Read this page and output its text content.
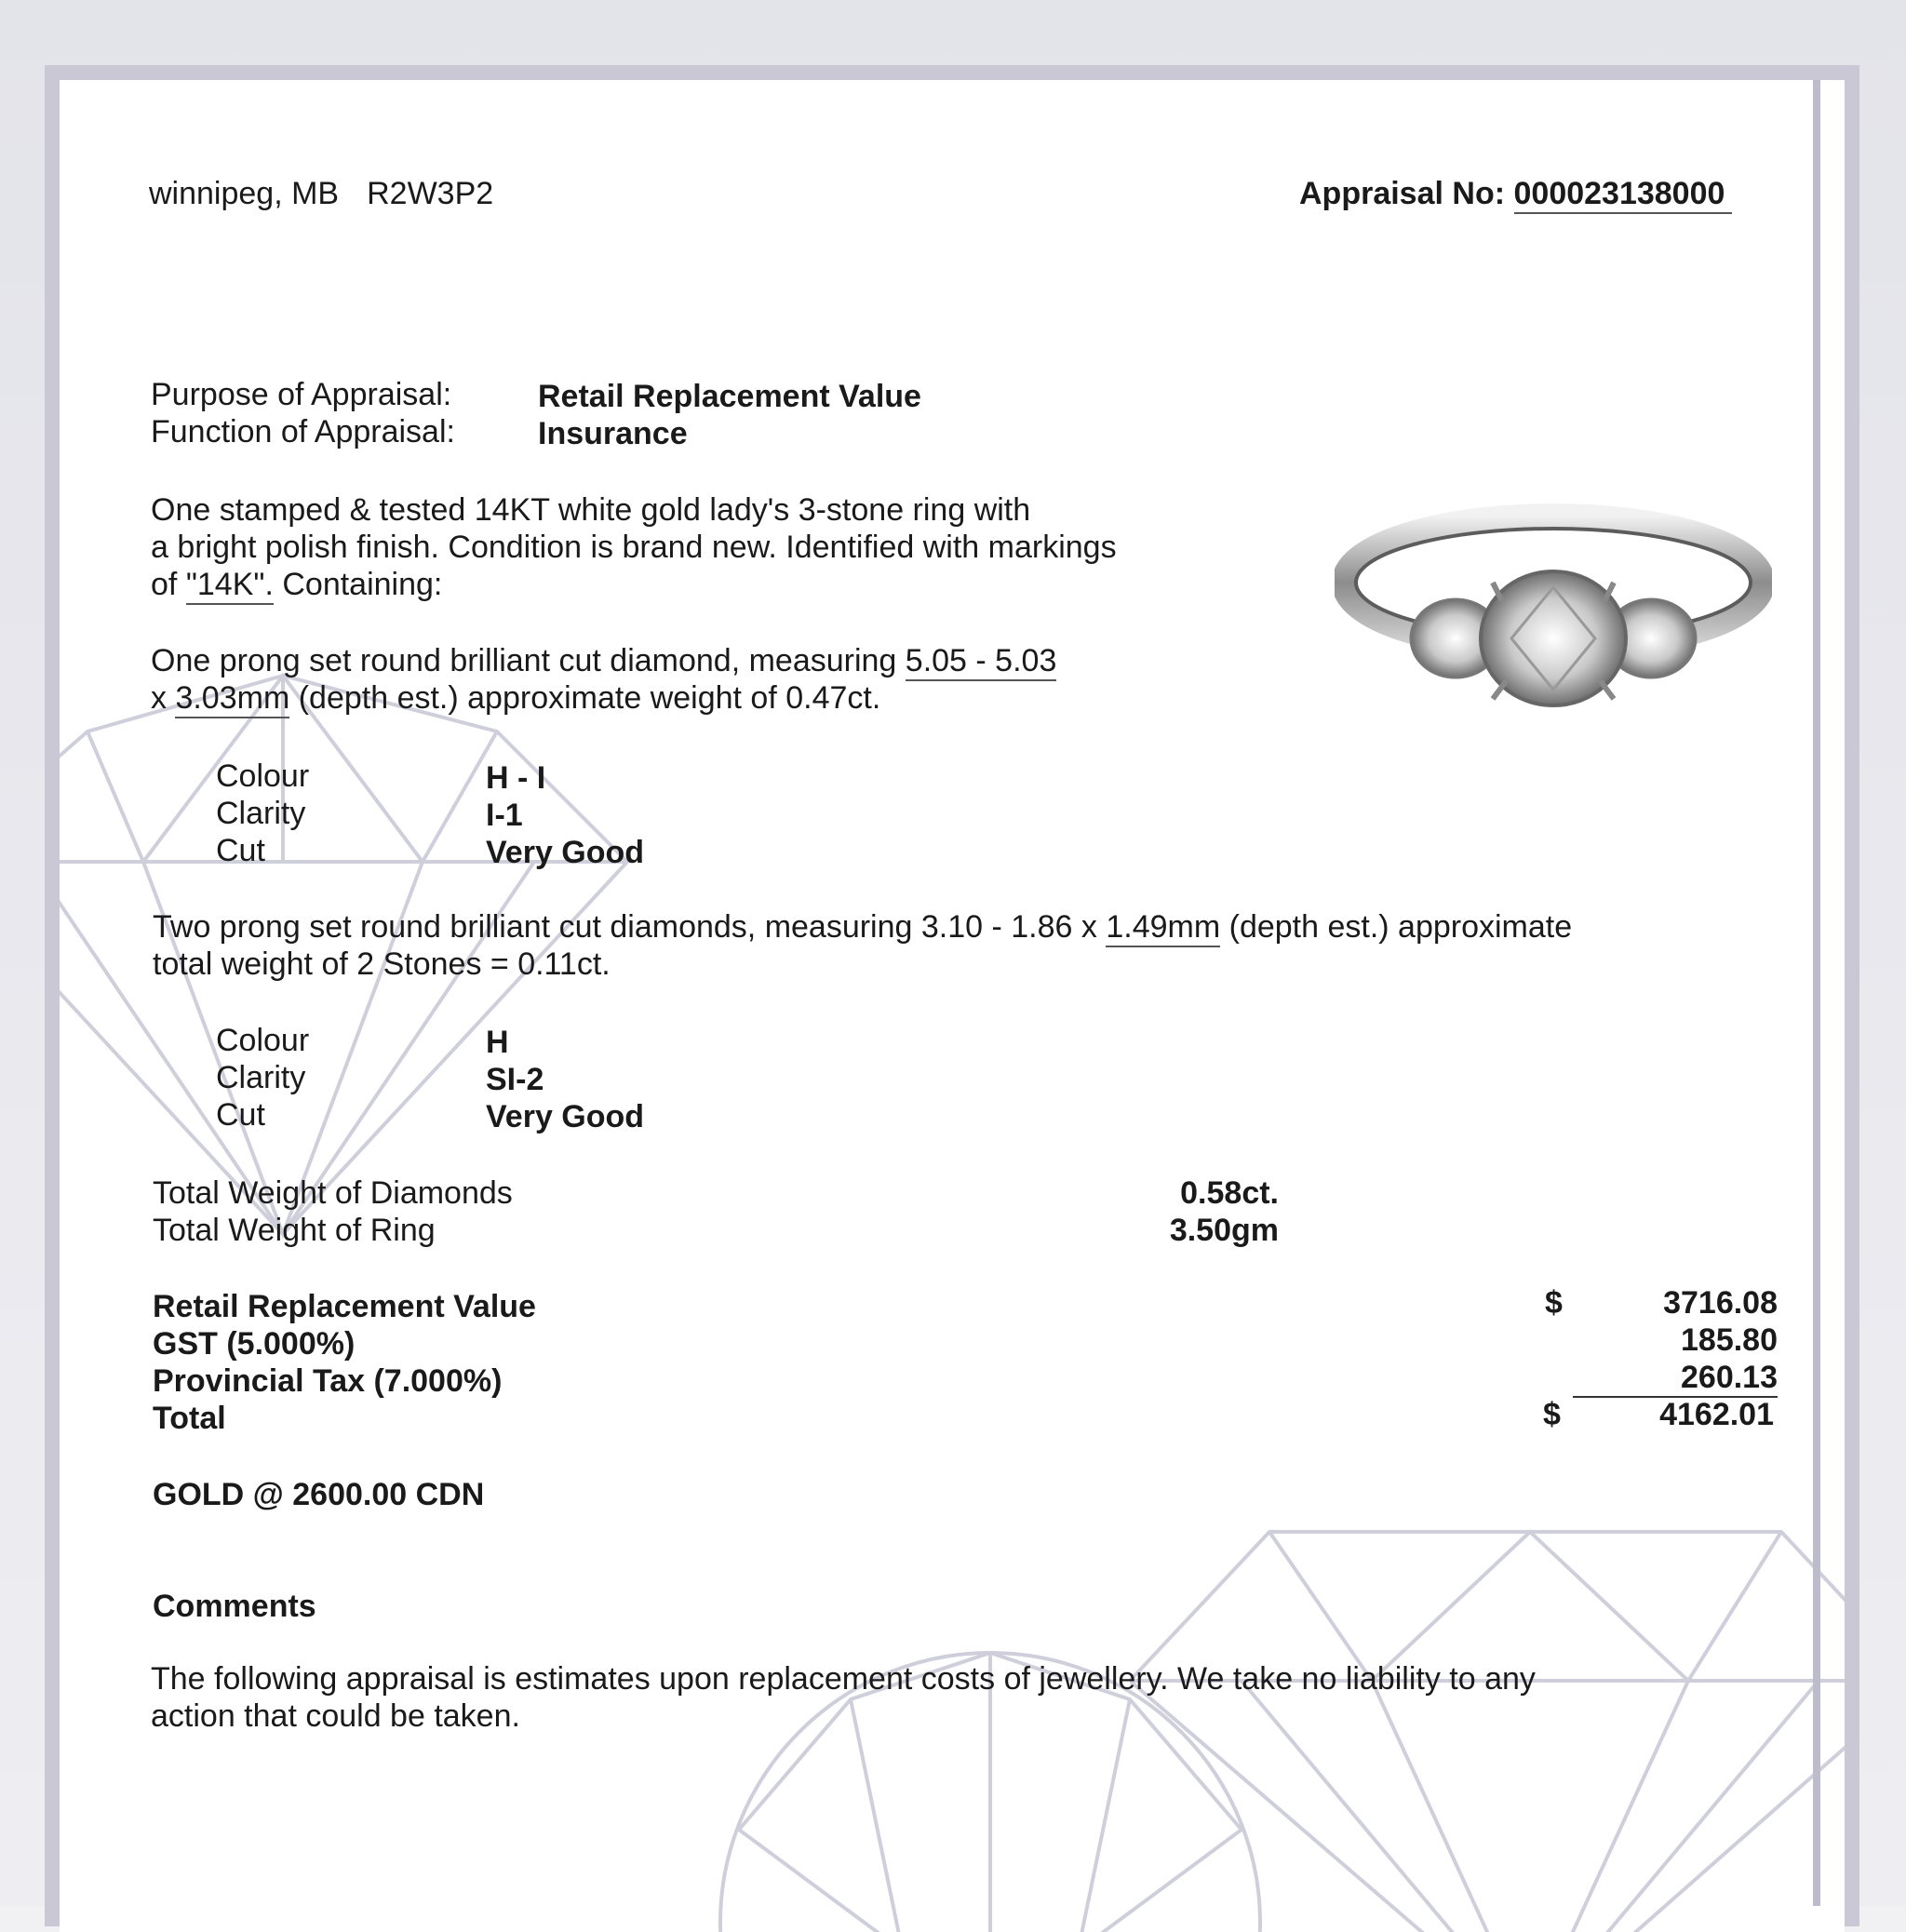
winnipeg, MB R2W3P2	Appraisal No: 000023138000
Purpose of Appraisal:	Retail Replacement Value
Function of Appraisal:	Insurance
One stamped & tested 14KT white gold lady's 3-stone ring with
a bright polish finish. Condition is brand new. Identified with markings
of "14K". Containing:
One prong set round brilliant cut diamond, measuring 5.05 - 5.03
x 3.03mm (depth est.) approximate weight of 0.47ct.
Colour	H - I
Clarity	I-1
Cut	Very Good
Two prong set round brilliant cut diamonds, measuring 3.10 - 1.86 x 1.49mm (depth est.) approximate
total weight of 2 Stones = 0.11ct.
Colour	H
Clarity	SI-2
Cut	Very Good
Total Weight of Diamonds	0.58ct.
Total Weight of Ring	3.50gm
Retail Replacement Value	$	3716.08
GST (5.000%)	185.80
Provincial Tax (7.000%)	260.13
Total	$	4162.01
GOLD @ 2600.00 CDN
Comments
The following appraisal is estimates upon replacement costs of jewellery. We take no liability to any
action that could be taken.
